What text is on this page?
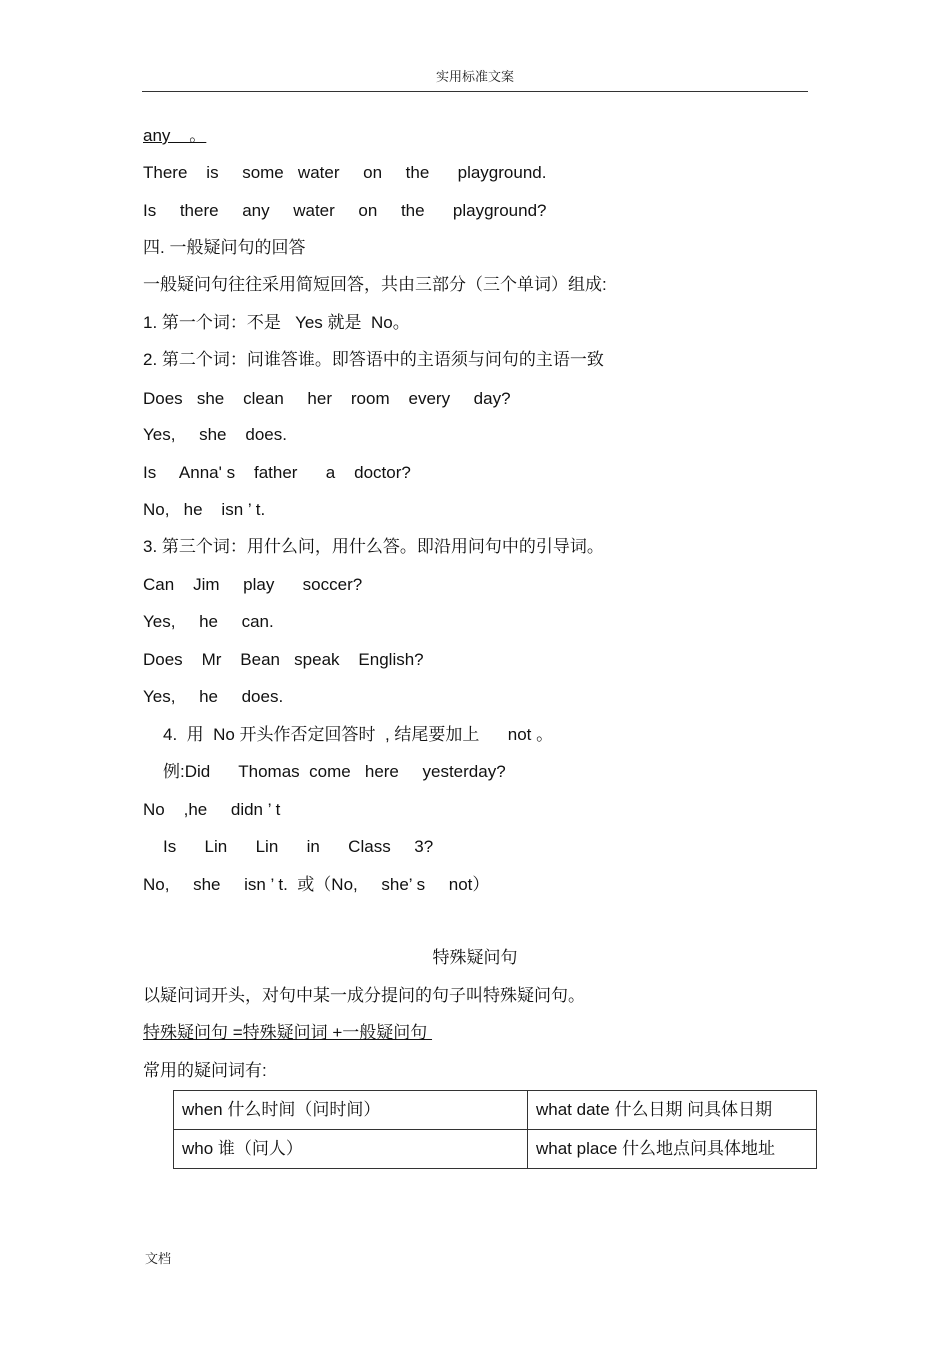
实用标准文案
any    。
There    is     some   water     on     the      playground.
Is     there     any     water     on     the      playground?
四. 一般疑问句的回答
一般疑问句往往采用简短回答，共由三部分（三个单词）组成:
1. 第一个词：不是   Yes 就是  No。
2. 第二个词：问谁答谁。即答语中的主语须与问句的主语一致
Does   she    clean     her    room    every     day?
Yes,     she    does.
Is     Anna' s    father      a    doctor?
No,   he    isn ’ t.
3. 第三个词：用什么问，用什么答。即沿用问句中的引导词。
Can    Jim     play      soccer?
Yes,     he     can.
Does    Mr    Bean   speak    English?
Yes,     he     does.
4.  用  No 开头作否定回答时  , 结尾要加上      not 。
例:Did      Thomas  come   here     yesterday?
No    ,he     didn ’ t
Is      Lin      Lin      in      Class     3?
No,     she     isn ’ t.  或（No,     she’ s     not）
特殊疑问句
以疑问词开头，对句中某一成分提问的句子叫特殊疑问句。
特殊疑问句 =特殊疑问词 +一般疑问句
常用的疑问词有:
when 什么时间（问时间）	what date 什么日期 问具体日期
who 谁（问人）	what place 什么地点问具体地址
文档
